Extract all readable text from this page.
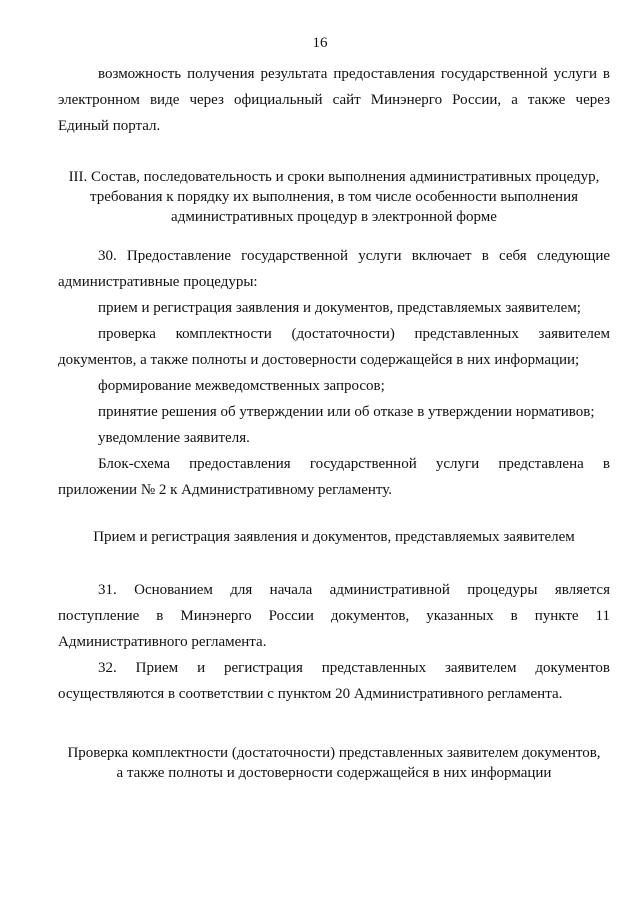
16
возможность получения результата предоставления государственной услуги в
электронном виде через официальный сайт Минэнерго России, а также через
Единый портал.
III. Состав, последовательность и сроки выполнения административных процедур,
требования к порядку их выполнения, в том числе особенности выполнения
административных процедур в электронной форме
30. Предоставление государственной услуги включает в себя следующие
административные процедуры:
прием и регистрация заявления и документов, представляемых заявителем;
проверка комплектности (достаточности) представленных заявителем
документов, а также полноты и достоверности содержащейся в них информации;
формирование межведомственных запросов;
принятие решения об утверждении или об отказе в утверждении нормативов;
уведомление заявителя.
Блок-схема предоставления государственной услуги представлена в
приложении № 2 к Административному регламенту.
Прием и регистрация заявления и документов, представляемых заявителем
31. Основанием для начала административной процедуры является
поступление в Минэнерго России документов, указанных в пункте 11
Административного регламента.
32. Прием и регистрация представленных заявителем документов
осуществляются в соответствии с пунктом 20 Административного регламента.
Проверка комплектности (достаточности) представленных заявителем документов,
а также полноты и достоверности содержащейся в них информации
